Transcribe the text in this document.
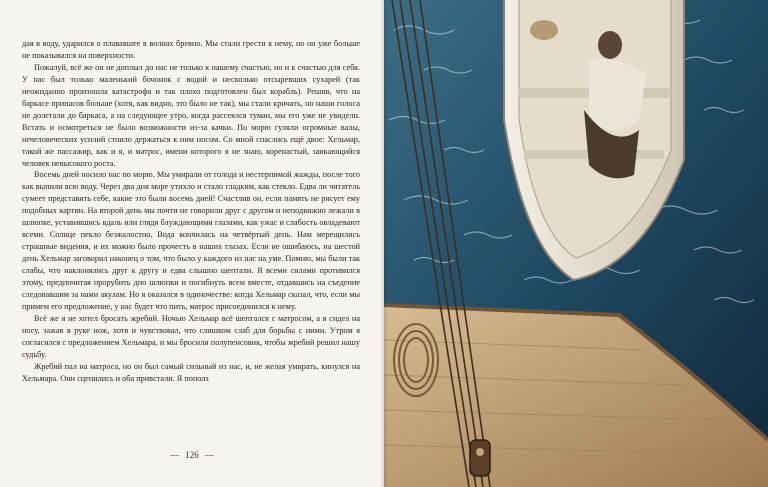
дая в воду, ударился о плававшее в волнах бревно. Мы стали грести к нему, но он уже больше не показывался на поверхности.

Пожалуй, всё же он не доплыл до нас не только к нашему счастью, но и к счастью для себя. У нас был только маленький бочонок с водой и несколько отсыревших сухарей (так неожиданно произошла катастрофа и так плохо подготовлен был корабль). Решив, что на баркасе припасов больше (хотя, как видно, это было не так), мы стали кричать, но наши голоса не долетали до баркаса, а на следующее утро, когда рассеялся туман, мы его уже не увидели. Встать и осмотреться не было возможности из-за качки. По морю гуляли огромные валы, нечеловеческих усилий стоило держаться к ним носом. Со мной спаслись ещё двое: Хельмар, такой же пассажир, как и я, и матрос, имени которого я не знаю, коренастый, заикающийся человек невысокого роста.

Восемь дней носило нас по морю. Мы умирали от голода и нестерпимой жажды, после того как выпили всю воду. Через два дня море утихло и стало гладким, как стекло. Едва ли читатель сумеет представить себе, какие это были восемь дней! Счастлив он, если память не рисует ему подобных картин. На второй день мы почти не говорили друг с другом и неподвижно лежали в шлюпке, уставившись вдаль или глядя блуждающими глазами, как ужас и слабость овладевают всеми. Солнце пекло безжалостно. Вода кончилась на четвёртый день. Нам мерещились страшные видения, и их можно было прочесть в наших глазах. Если не ошибаюсь, на шестой день Хельмар заговорил наконец о том, что было у каждого из нас на уме. Помню, мы были так слабы, что наклонялись друг к другу и едва слышно шептали. Я всеми силами противился этому, предпочитая прорубить дно шлюпки и погибнуть всем вместе, отдавшись на съедение следовавшим за нами акулам. Но я оказался в одиночестве: когда Хельмар сказал, что, если мы примем его предложение, у нас будет что пить, матрос присоединился к нему.

Всё же я не хотел бросать жребий. Ночью Хельмар всё шептался с матросом, а я сидел на носу, зажав в руке нож, хотя и чувствовал, что слишком слаб для борьбы с ними. Утром я согласился с предложением Хельмара, и мы бросили полупенсовик, чтобы жребий решил нашу судьбу.

Жребий пал на матроса, но он был самый сильный из нас, и, не желая умирать, кинулся на Хельмара. Они сцепились и оба привстали. Я пополз

— 126 —
